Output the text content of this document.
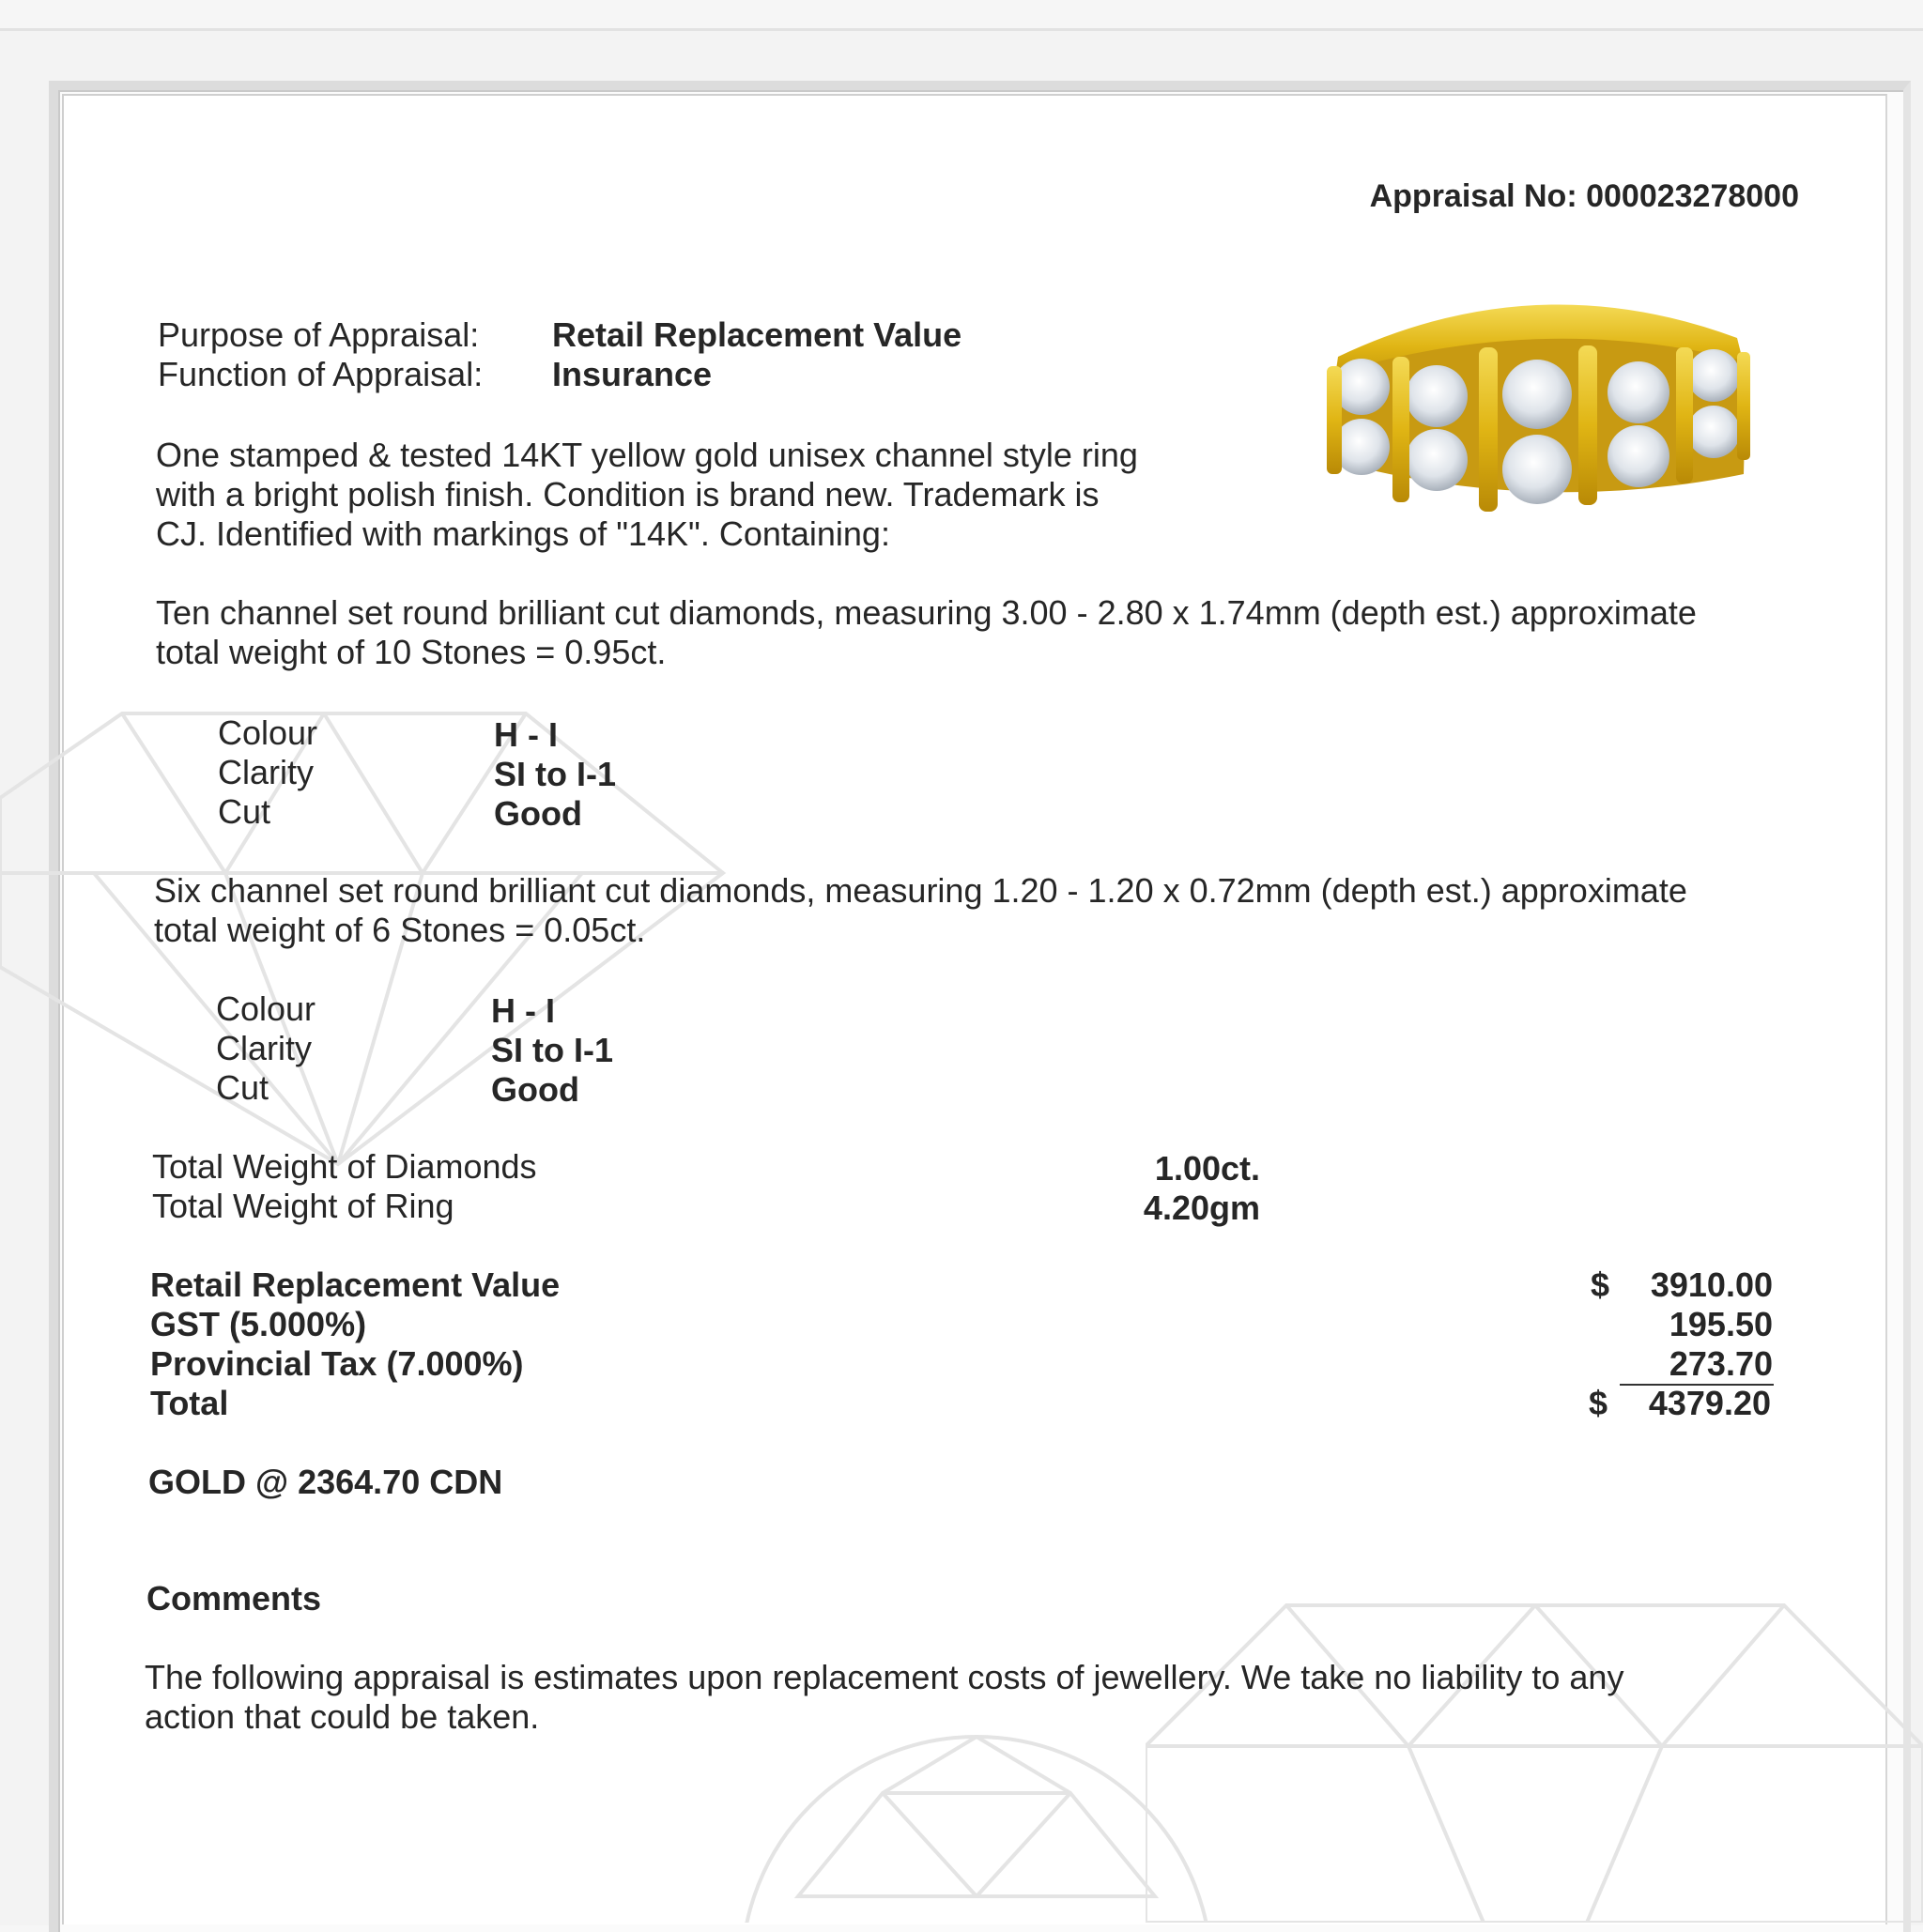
Appraisal No: 000023278000
Purpose of Appraisal: Retail Replacement Value
Function of Appraisal: Insurance
One stamped & tested 14KT yellow gold unisex channel style ring
with a bright polish finish. Condition is brand new. Trademark is
CJ. Identified with markings of "14K". Containing:
Ten channel set round brilliant cut diamonds, measuring 3.00 - 2.80 x 1.74mm (depth est.) approximate
total weight of 10 Stones = 0.95ct.
Colour	H - I
Clarity	SI to I-1
Cut	Good
Six channel set round brilliant cut diamonds, measuring 1.20 - 1.20 x 0.72mm (depth est.) approximate
total weight of 6 Stones = 0.05ct.
Colour	H - I
Clarity	SI to I-1
Cut	Good
Total Weight of Diamonds	1.00ct.
Total Weight of Ring	4.20gm
Retail Replacement Value	$ 3910.00
GST (5.000%)	195.50
Provincial Tax (7.000%)	273.70
Total	$ 4379.20
GOLD @ 2364.70 CDN
Comments
The following appraisal is estimates upon replacement costs of jewellery. We take no liability to any
action that could be taken.
